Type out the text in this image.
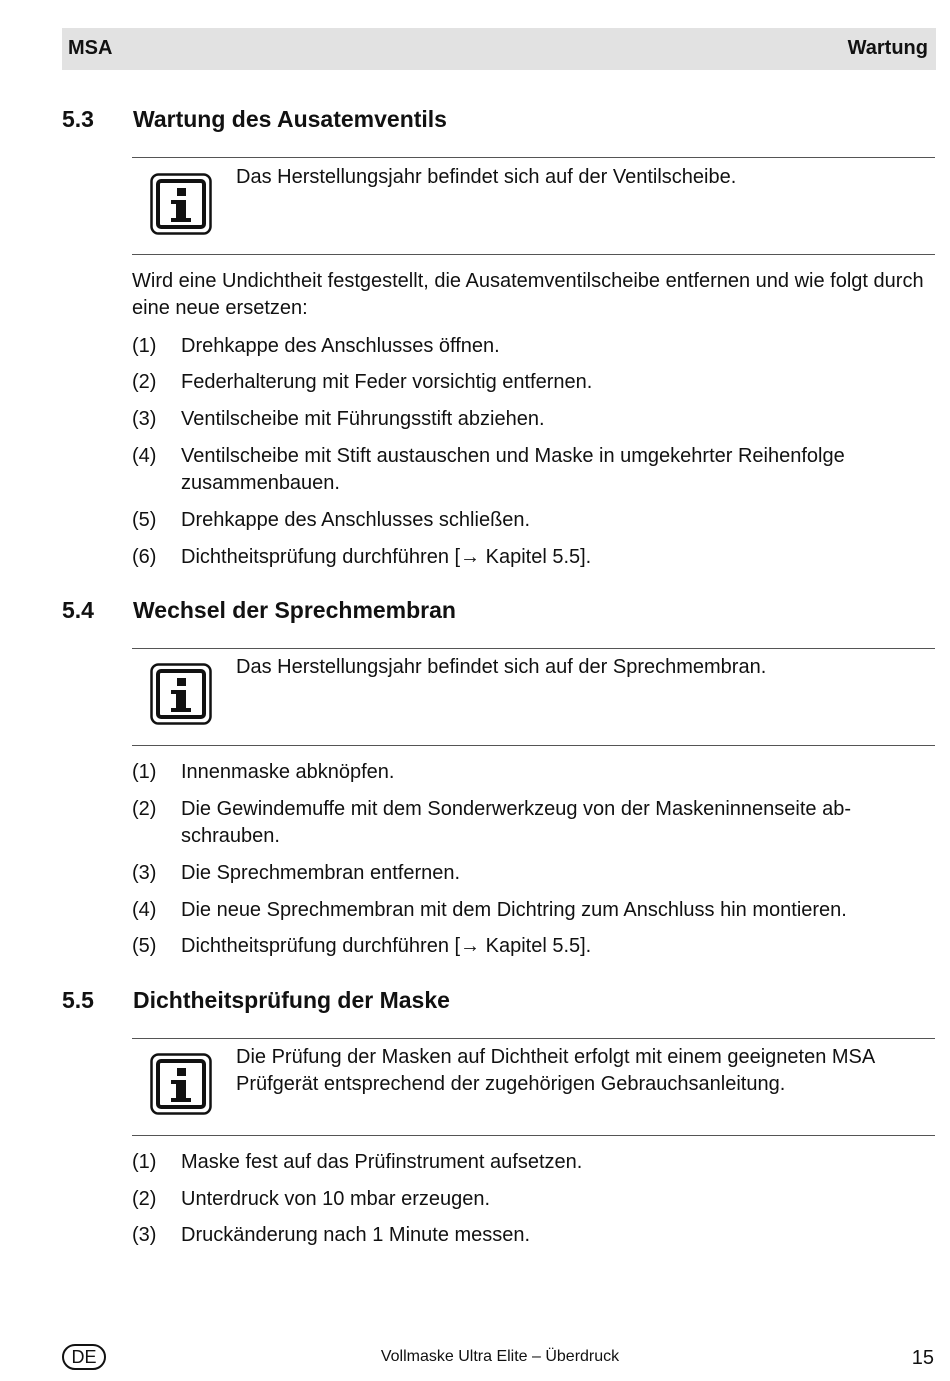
MSA	Wartung
5.3 Wartung des Ausatemventils
Das Herstellungsjahr befindet sich auf der Ventilscheibe.
Wird eine Undichtheit festgestellt, die Ausatemventilscheibe entfernen und wie folgt durch eine neue ersetzen:
(1) Drehkappe des Anschlusses öffnen.
(2) Federhalterung mit Feder vorsichtig entfernen.
(3) Ventilscheibe mit Führungsstift abziehen.
(4) Ventilscheibe mit Stift austauschen und Maske in umgekehrter Reihenfolge zusammenbauen.
(5) Drehkappe des Anschlusses schließen.
(6) Dichtheitsprüfung durchführen [→ Kapitel 5.5].
5.4 Wechsel der Sprechmembran
Das Herstellungsjahr befindet sich auf der Sprechmembran.
(1) Innenmaske abknöpfen.
(2) Die Gewindemuffe mit dem Sonderwerkzeug von der Maskeninnenseite ab-schrauben.
(3) Die Sprechmembran entfernen.
(4) Die neue Sprechmembran mit dem Dichtring zum Anschluss hin montieren.
(5) Dichtheitsprüfung durchführen [→ Kapitel 5.5].
5.5 Dichtheitsprüfung der Maske
Die Prüfung der Masken auf Dichtheit erfolgt mit einem geeigneten MSA Prüfgerät entsprechend der zugehörigen Gebrauchsanleitung.
(1) Maske fest auf das Prüfinstrument aufsetzen.
(2) Unterdruck von 10 mbar erzeugen.
(3) Druckänderung nach 1 Minute messen.
DE	Vollmaske Ultra Elite – Überdruck	15
